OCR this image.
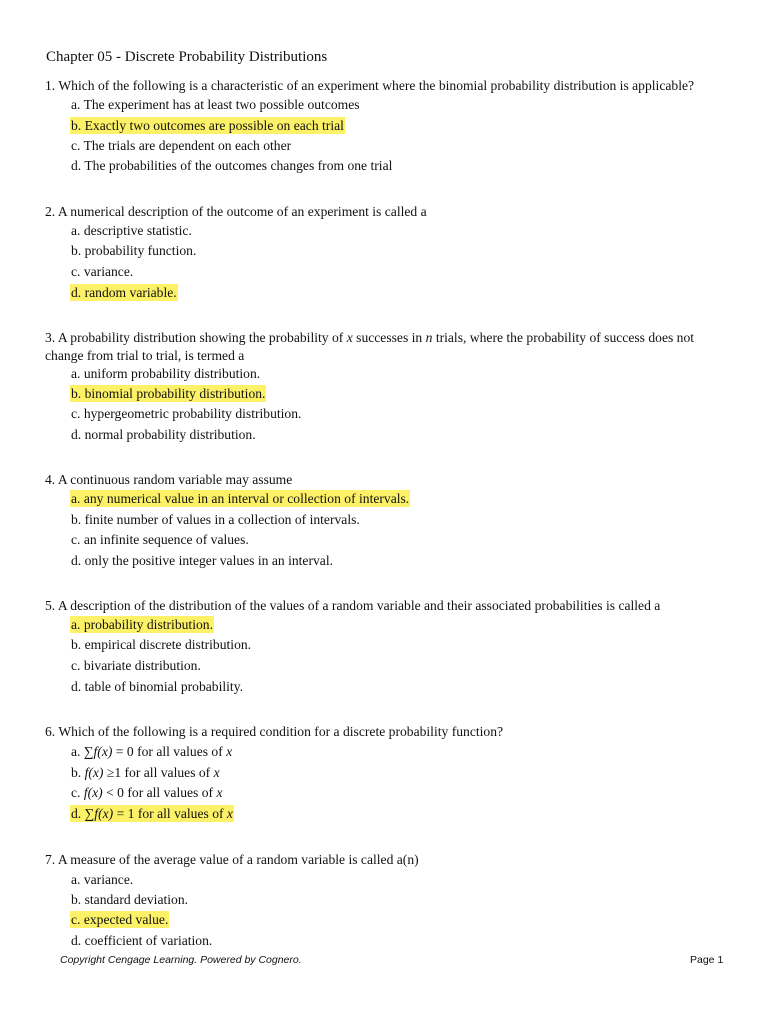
Chapter 05 - Discrete Probability Distributions
1. Which of the following is a characteristic of an experiment where the binomial probability distribution is applicable?
a. The experiment has at least two possible outcomes
b. Exactly two outcomes are possible on each trial
c. The trials are dependent on each other
d. The probabilities of the outcomes changes from one trial
2. A numerical description of the outcome of an experiment is called a
a. descriptive statistic.
b. probability function.
c. variance.
d. random variable.
3. A probability distribution showing the probability of x successes in n trials, where the probability of success does not change from trial to trial, is termed a
a. uniform probability distribution.
b. binomial probability distribution.
c. hypergeometric probability distribution.
d. normal probability distribution.
4. A continuous random variable may assume
a. any numerical value in an interval or collection of intervals.
b. finite number of values in a collection of intervals.
c. an infinite sequence of values.
d. only the positive integer values in an interval.
5. A description of the distribution of the values of a random variable and their associated probabilities is called a
a. probability distribution.
b. empirical discrete distribution.
c. bivariate distribution.
d. table of binomial probability.
6. Which of the following is a required condition for a discrete probability function?
a. ∑f(x) = 0 for all values of x
b. f(x) ≥1 for all values of x
c. f(x) < 0 for all values of x
d. ∑f(x) = 1 for all values of x
7. A measure of the average value of a random variable is called a(n)
a. variance.
b. standard deviation.
c. expected value.
d. coefficient of variation.
Copyright Cengage Learning. Powered by Cognero.	Page 1
